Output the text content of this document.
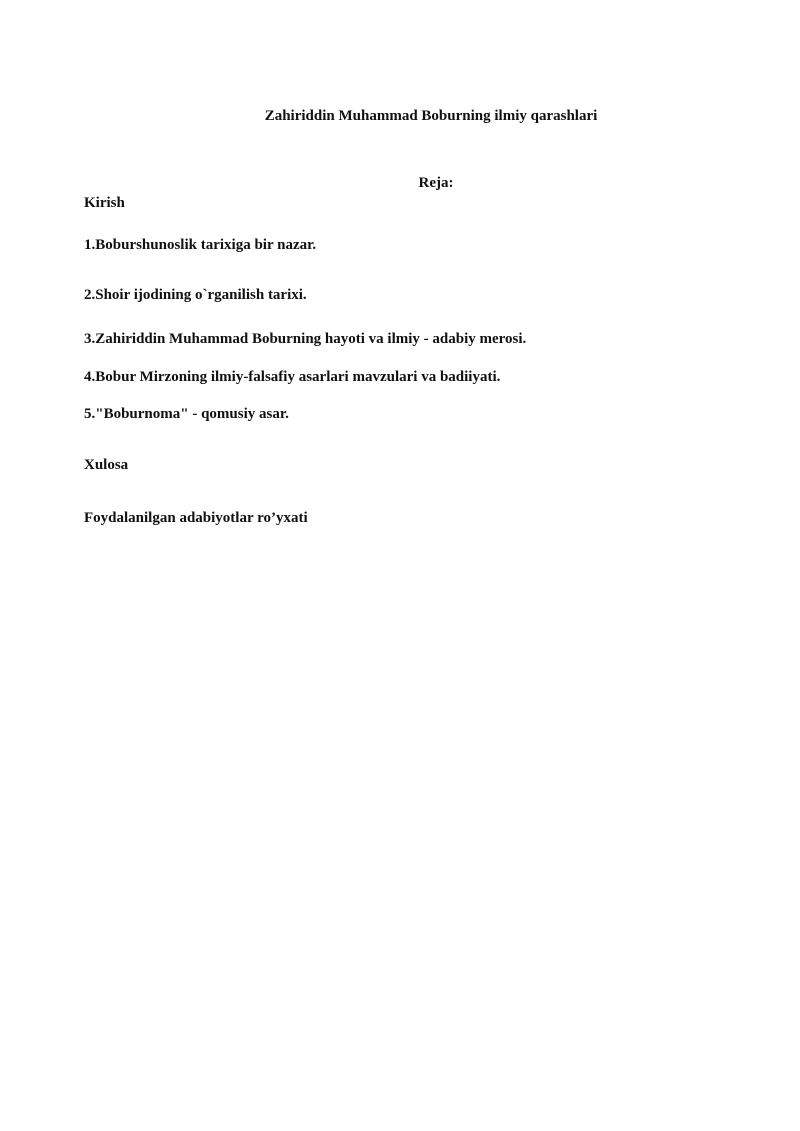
Zahiriddin Muhammad Boburning ilmiy qarashlari

Reja:

Kirish

1.Boburshunoslik tarixiga bir nazar.

2.Shoir ijodining o`rganilish tarixi.

3.Zahiriddin Muhammad Boburning hayoti va ilmiy - adabiy merosi.

4.Bobur Mirzoning ilmiy-falsafiy asarlari mavzulari va badiiyati.

5."Boburnoma" - qomusiy asar.

Xulosa

Foydalanilgan adabiyotlar ro’yxati
